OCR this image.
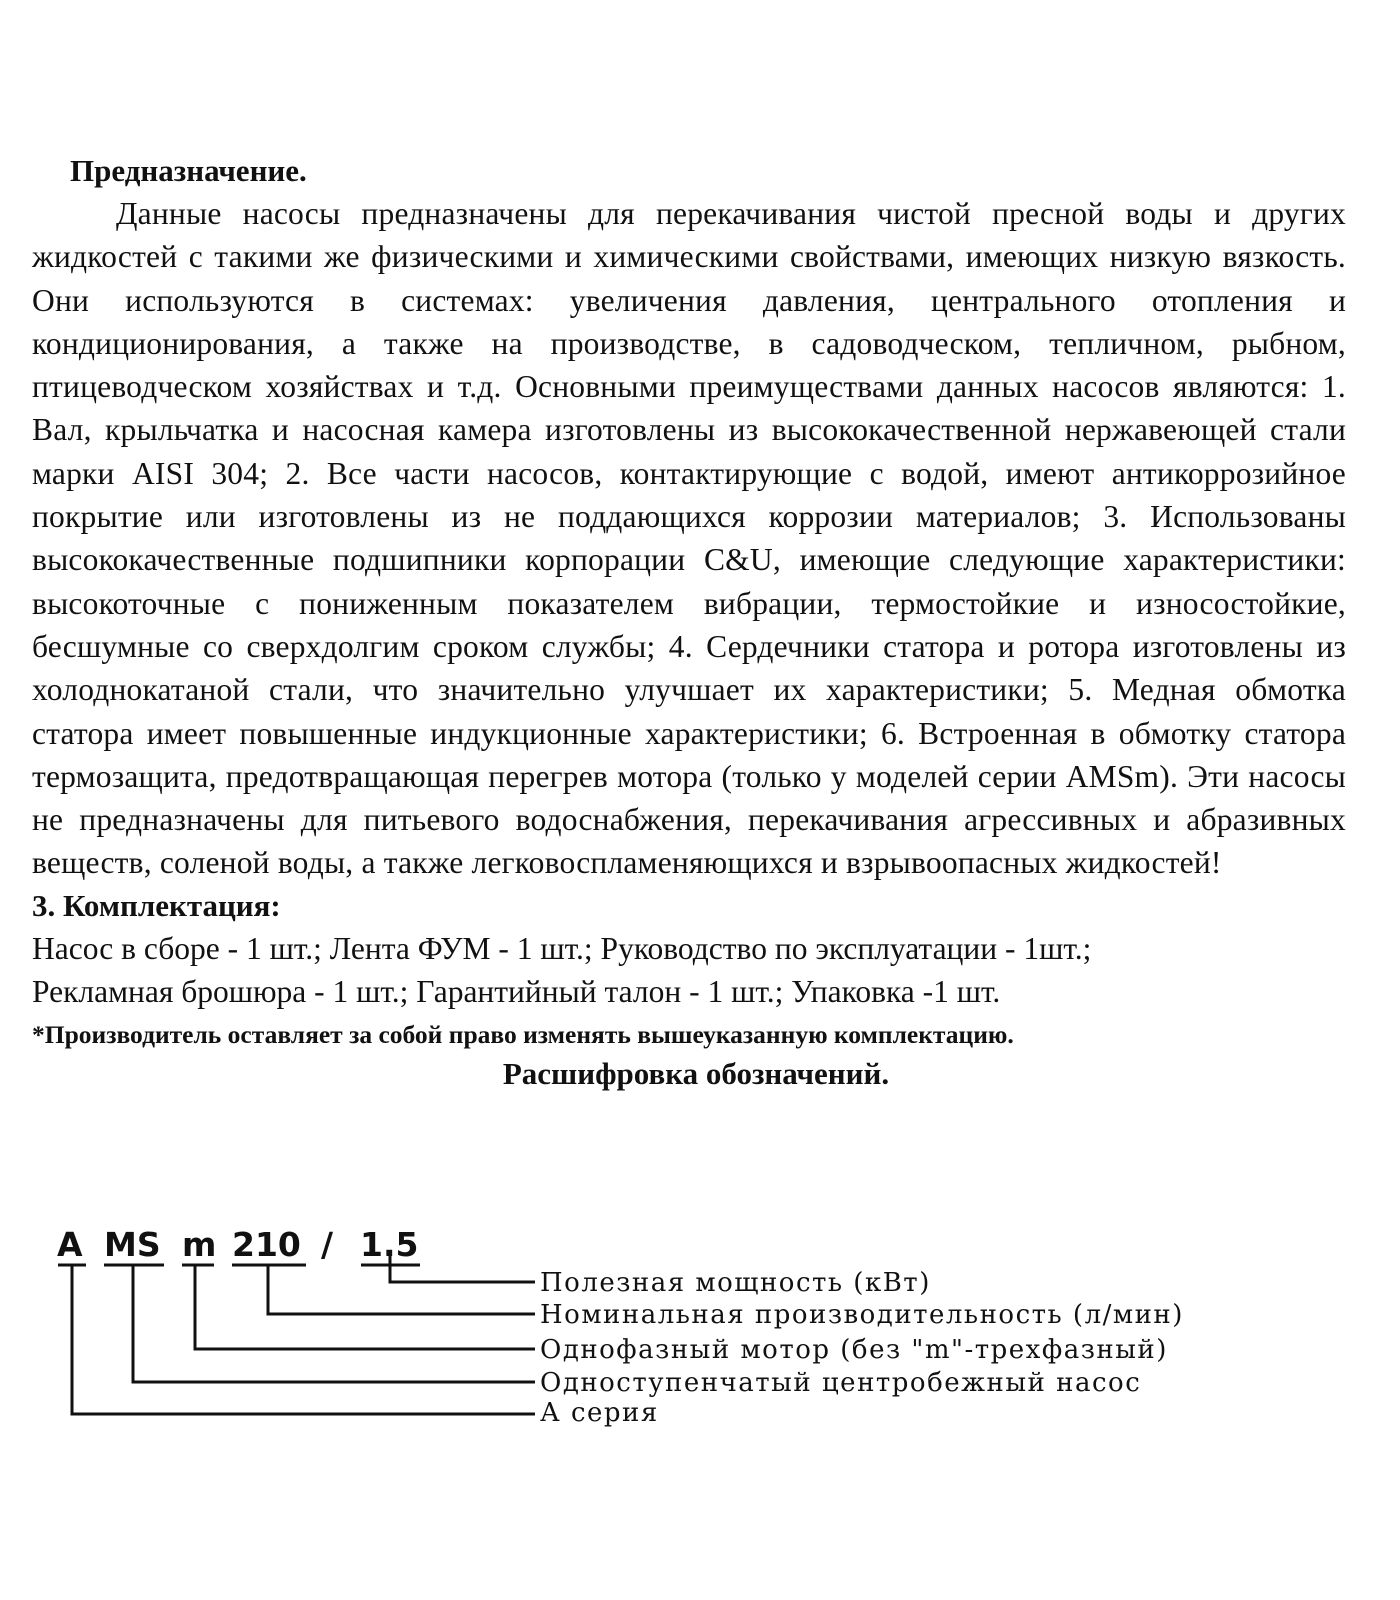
Предназначение.

Данные насосы предназначены для перекачивания чистой пресной воды и других жидкостей с такими же физическими и химическими свойствами, имеющих низкую вязкость. Они используются в системах: увеличения давления, центрального отопления и кондиционирования, а также на производстве, в садоводческом, тепличном, рыбном, птицеводческом хозяйствах и т.д. Основными преимуществами данных насосов являются: 1. Вал, крыльчатка и насосная камера изготовлены из высококачественной нержавеющей стали марки AISI 304; 2. Все части насосов, контактирующие с водой, имеют антикоррозийное покрытие или изготовлены из не поддающихся коррозии материалов; 3. Использованы высококачественные подшипники корпорации C&U, имеющие следующие характеристики: высокоточные с пониженным показателем вибрации, термостойкие и износостойкие, бесшумные со сверхдолгим сроком службы; 4. Сердечники статора и ротора изготовлены из холоднокатаной стали, что значительно улучшает их характеристики; 5. Медная обмотка статора имеет повышенные индукционные характеристики; 6. Встроенная в обмотку статора термозащита, предотвращающая перегрев мотора (только у моделей серии AMSm). Эти насосы не предназначены для питьевого водоснабжения, перекачивания агрессивных и абразивных веществ, соленой воды, а также легковоспламеняющихся и взрывоопасных жидкостей!

3. Комплектация:

Насос в сборе - 1 шт.; Лента ФУМ - 1 шт.; Руководство по эксплуатации - 1шт.;

Рекламная брошюра - 1 шт.; Гарантийный талон - 1 шт.; Упаковка -1 шт.

*Производитель оставляет за собой право изменять вышеуказанную комплектацию.

Расшифровка обозначений.

A MS m 210 / 1.5
Полезная мощность (кВт)
Номинальная производительность (л/мин)
Однофазный мотор (без "m"-трехфазный)
Одноступенчатый центробежный насос
А серия
